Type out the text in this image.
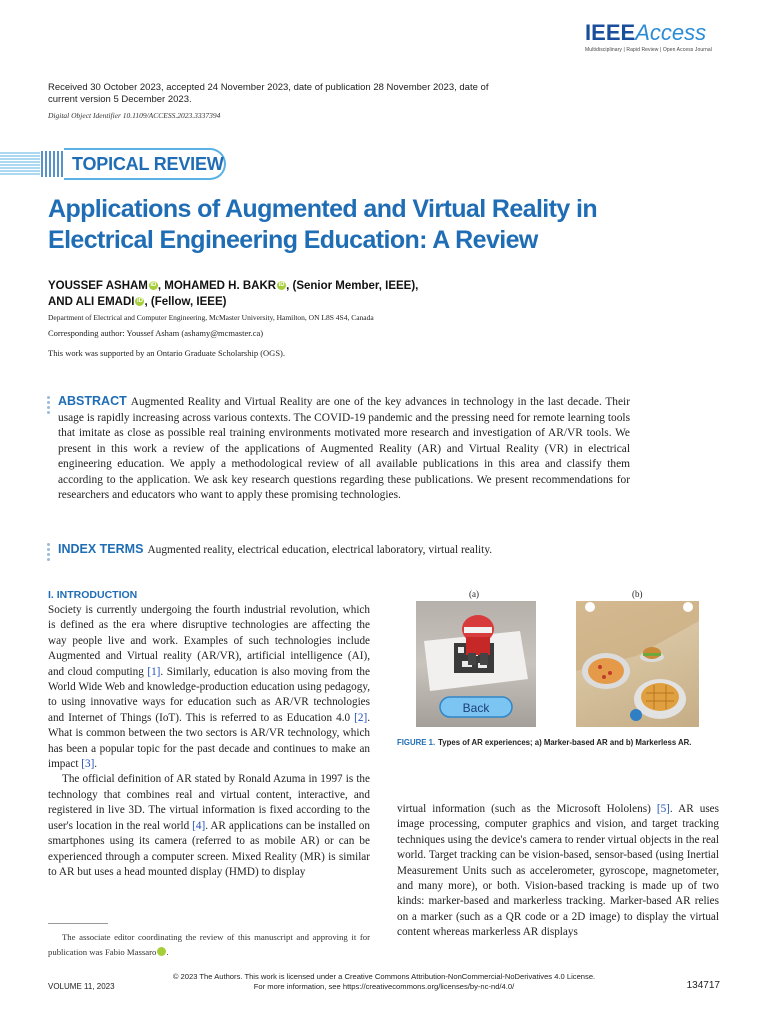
IEEEAccess
Multidisciplinary | Rapid Review | Open Access Journal
Received 30 October 2023, accepted 24 November 2023, date of publication 28 November 2023, date of current version 5 December 2023.
Digital Object Identifier 10.1109/ACCESS.2023.3337394
TOPICAL REVIEW
Applications of Augmented and Virtual Reality in Electrical Engineering Education: A Review
YOUSSEF ASHAM iD , MOHAMED H. BAKR iD , (Senior Member, IEEE),
AND ALI EMADI iD , (Fellow, IEEE)
Department of Electrical and Computer Engineering, McMaster University, Hamilton, ON L8S 4S4, Canada
Corresponding author: Youssef Asham (ashamy@mcmaster.ca)
This work was supported by an Ontario Graduate Scholarship (OGS).
ABSTRACT Augmented Reality and Virtual Reality are one of the key advances in technology in the last decade. Their usage is rapidly increasing across various contexts. The COVID-19 pandemic and the pressing need for remote learning tools that imitate as close as possible real training environments motivated more research and investigation of AR/VR tools. We present in this work a review of the applications of Augmented Reality (AR) and Virtual Reality (VR) in electrical engineering education. We apply a methodological review of all available publications in this area and classify them according to the application. We ask key research questions regarding these publications. We present recommendations for researchers and educators who want to apply these promising technologies.
INDEX TERMS Augmented reality, electrical education, electrical laboratory, virtual reality.
I. INTRODUCTION

Society is currently undergoing the fourth industrial revolution, which is defined as the era where disruptive technologies are affecting the way people live and work. Examples of such technologies include Augmented and Virtual reality (AR/VR), artificial intelligence (AI), and cloud computing [1]. Similarly, education is also moving from the World Wide Web and knowledge-production education using pedagogy, to using innovative ways for education such as AR/VR technologies and Internet of Things (IoT). This is referred to as Education 4.0 [2]. What is common between the two sectors is AR/VR technology, which has been a popular topic for the past decade and continues to make an impact [3].

The official definition of AR stated by Ronald Azuma in 1997 is the technology that combines real and virtual content, interactive, and registered in live 3D. The virtual information is fixed according to the user's location in the real world [4]. AR applications can be installed on smartphones using its camera (referred to as mobile AR) or can be experienced through a computer screen. Mixed Reality (MR) is similar to AR but uses a head mounted display (HMD) to display

The associate editor coordinating the review of this manuscript and approving it for publication was Fabio Massaro	iD.
(a)	(b)
Back
FIGURE 1. Types of AR experiences; a) Marker-based AR and b) Markerless AR.
virtual information (such as the Microsoft Hololens) [5]. AR uses image processing, computer graphics and vision, and target tracking techniques using the device's camera to render virtual objects in the real world. Target tracking can be vision-based, sensor-based (using Inertial Measurement Units such as accelerometer, gyroscope, magnetometer, and many more), or both. Vision-based tracking is made up of two kinds: marker-based and markerless tracking. Marker-based AR relies on a marker (such as a QR code or a 2D image) to display the virtual content whereas markerless AR displays
© 2023 The Authors. This work is licensed under a Creative Commons Attribution-NonCommercial-NoDerivatives 4.0 License.
For more information, see https://creativecommons.org/licenses/by-nc-nd/4.0/
VOLUME 11, 2023	134717
